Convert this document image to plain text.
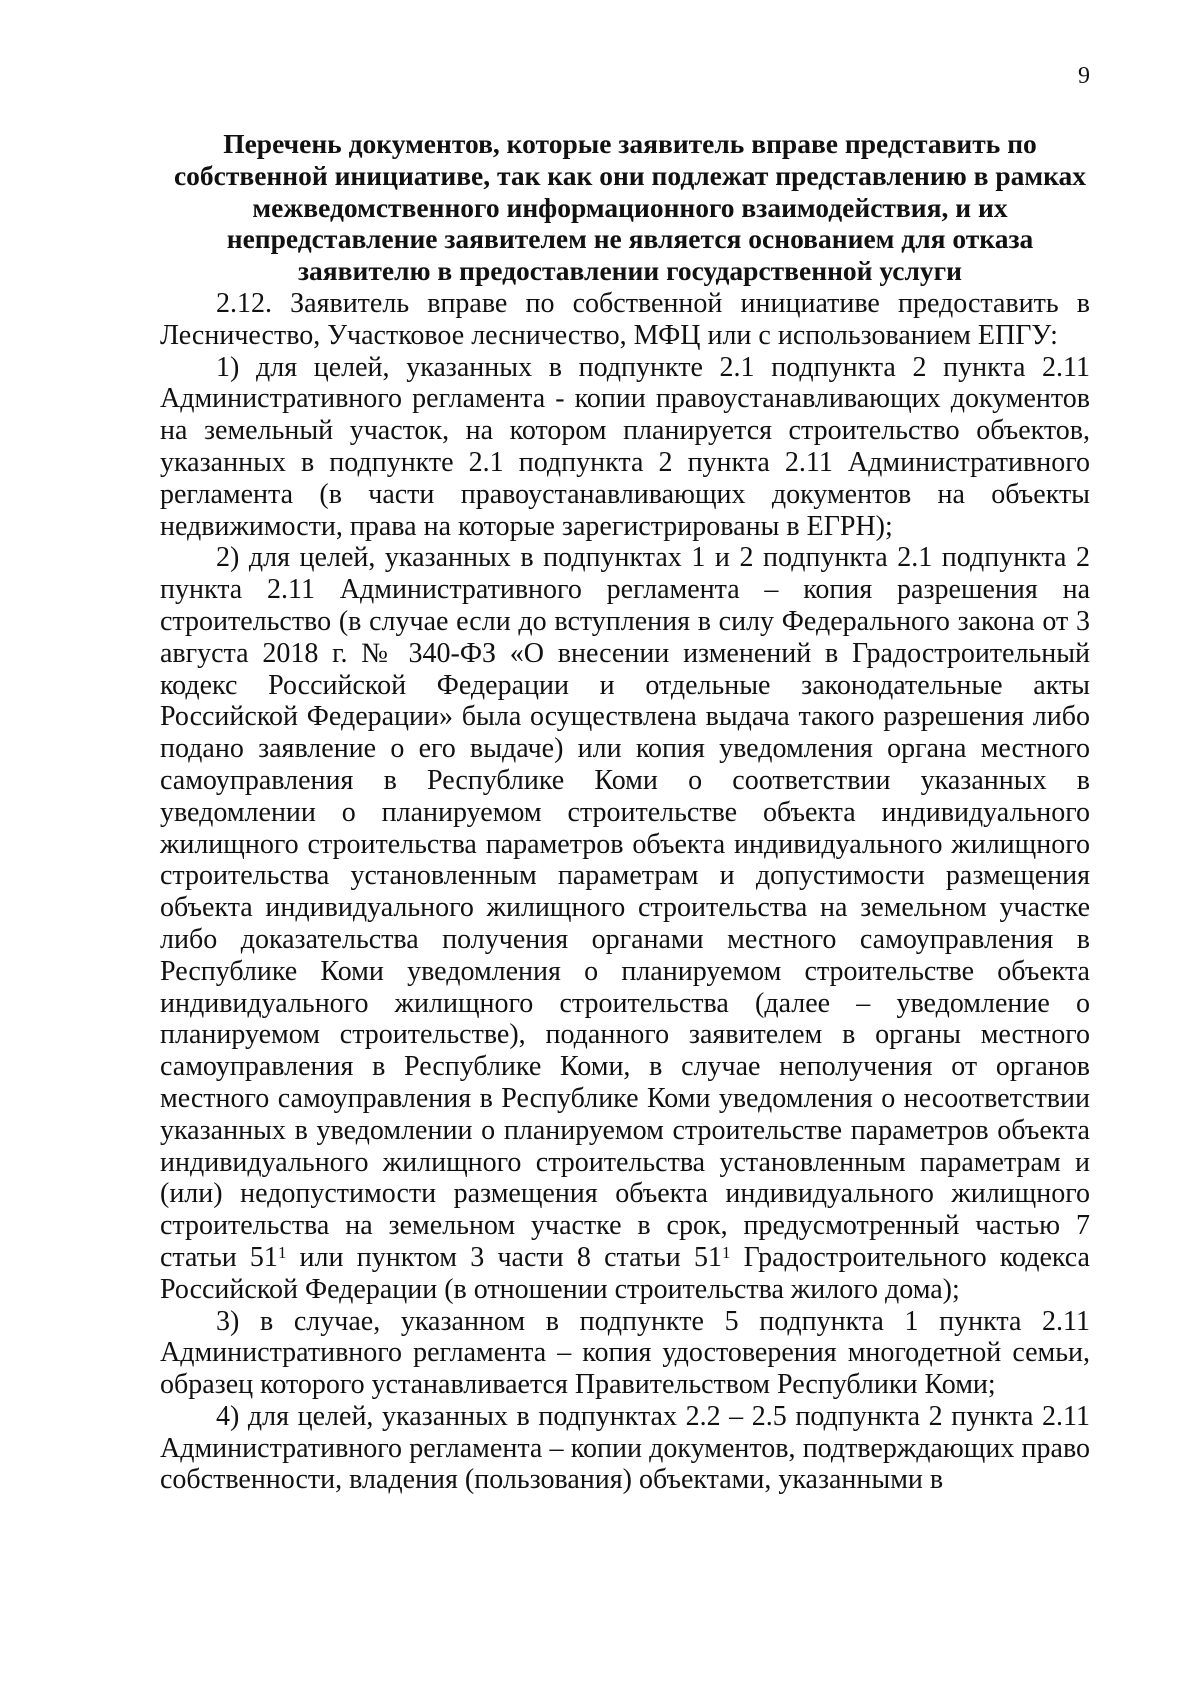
9
Перечень документов, которые заявитель вправе представить по собственной инициативе, так как они подлежат представлению в рамках межведомственного информационного взаимодействия, и их непредставление заявителем не является основанием для отказа заявителю в предоставлении государственной услуги

2.12. Заявитель вправе по собственной инициативе предоставить в Лесничество, Участковое лесничество, МФЦ или с использованием ЕПГУ:

1) для целей, указанных в подпункте 2.1 подпункта 2 пункта 2.11 Административного регламента - копии правоустанавливающих документов на земельный участок, на котором планируется строительство объектов, указанных в подпункте 2.1 подпункта 2 пункта 2.11 Административного регламента (в части правоустанавливающих документов на объекты недвижимости, права на которые зарегистрированы в ЕГРН);

2) для целей, указанных в подпунктах 1 и 2 подпункта 2.1 подпункта 2 пункта 2.11 Административного регламента – копия разрешения на строительство (в случае если до вступления в силу Федерального закона от 3 августа 2018 г. № 340-ФЗ «О внесении изменений в Градостроительный кодекс Российской Федерации и отдельные законодательные акты Российской Федерации» была осуществлена выдача такого разрешения либо подано заявление о его выдаче) или копия уведомления органа местного самоуправления в Республике Коми о соответствии указанных в уведомлении о планируемом строительстве объекта индивидуального жилищного строительства параметров объекта индивидуального жилищного строительства установленным параметрам и допустимости размещения объекта индивидуального жилищного строительства на земельном участке либо доказательства получения органами местного самоуправления в Республике Коми уведомления о планируемом строительстве объекта индивидуального жилищного строительства (далее – уведомление о планируемом строительстве), поданного заявителем в органы местного самоуправления в Республике Коми, в случае неполучения от органов местного самоуправления в Республике Коми уведомления о несоответствии указанных в уведомлении о планируемом строительстве параметров объекта индивидуального жилищного строительства установленным параметрам и (или) недопустимости размещения объекта индивидуального жилищного строительства на земельном участке в срок, предусмотренный частью 7 статьи $51^1$ или пунктом 3 части 8 статьи $51^1$ Градостроительного кодекса Российской Федерации (в отношении строительства жилого дома);

3) в случае, указанном в подпункте 5 подпункта 1 пункта 2.11 Административного регламента – копия удостоверения многодетной семьи, образец которого устанавливается Правительством Республики Коми;

4) для целей, указанных в подпунктах 2.2 – 2.5 подпункта 2 пункта 2.11 Административного регламента – копии документов, подтверждающих право собственности, владения (пользования) объектами, указанными в
